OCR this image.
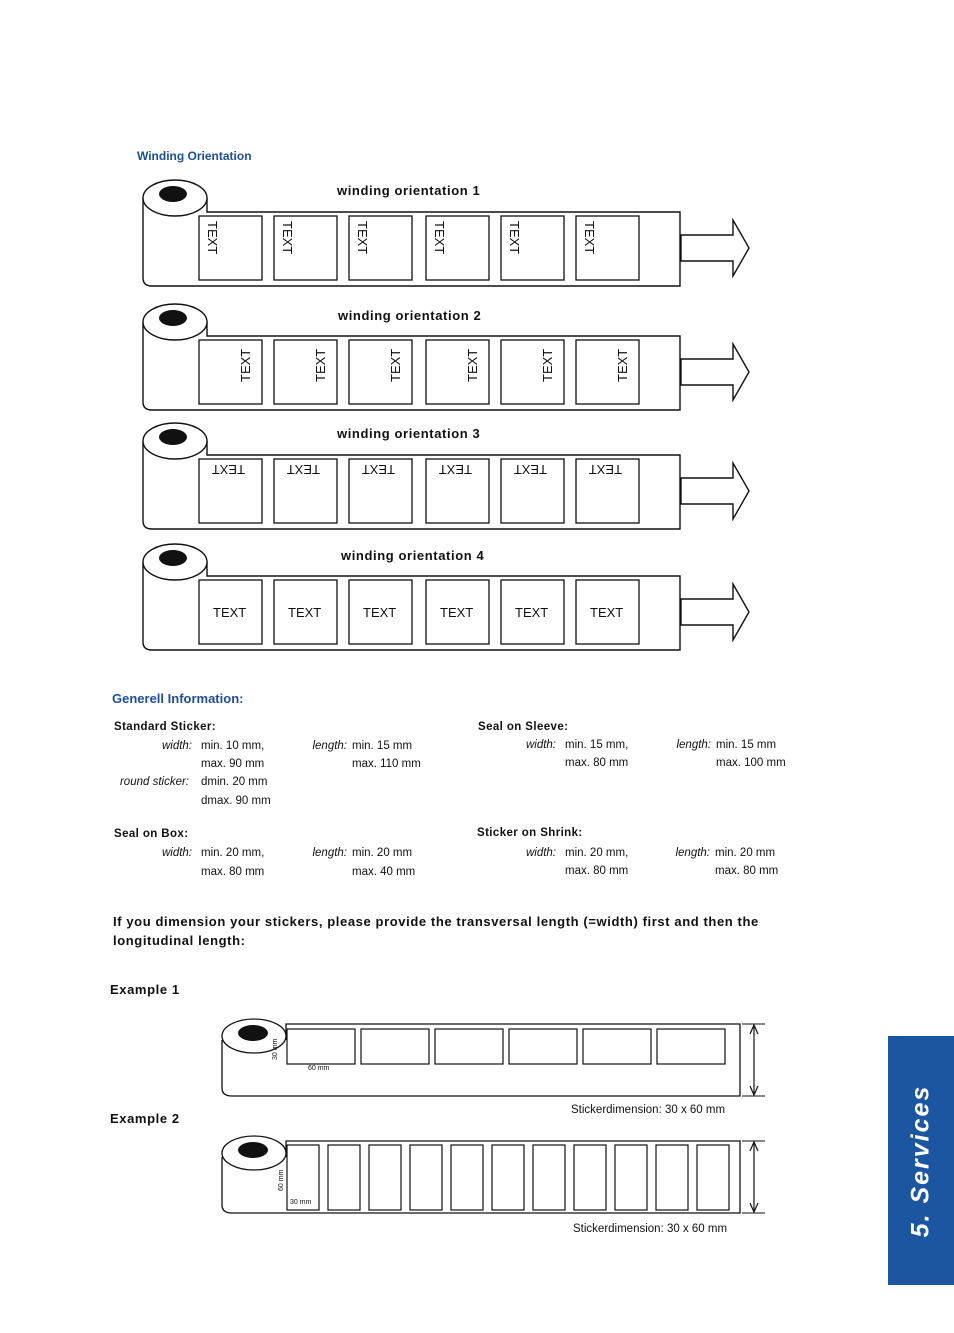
Winding Orientation
TEXT	TEXT	TEXT	TEXT	TEXT	TEXT
TEXT	TEXT	TEXT	TEXT	TEXT	TEXT
TEXT	TEXT	TEXT	TEXT	TEXT	TEXT
TEXT	TEXT	TEXT	TEXT	TEXT	TEXT
winding orientation 1
winding orientation 2
winding orientation 3
winding orientation 4
Generell Information:
Standard Sticker:
width: min. 10 mm,
max. 90 mm
length: min. 15 mm
max. 110 mm
round sticker: dmin. 20 mm
dmax. 90 mm
Seal on Sleeve:
width: min. 15 mm,
max. 80 mm
length: min. 15 mm
max. 100 mm
Seal on Box:
width: min. 20 mm,
max. 80 mm
length: min. 20 mm
max. 40 mm
Sticker on Shrink:
width: min. 20 mm,
max. 80 mm
length: min. 20 mm
max. 80 mm
If you dimension your stickers, please provide the transversal length (=width) first and then the longitudinal length:
Example 1
Example 2
Stickerdimension: 30 x 60 mm
Stickerdimension: 30 x 60 mm
60 mm
30 mm
30 mm
60 mm	5. Services
